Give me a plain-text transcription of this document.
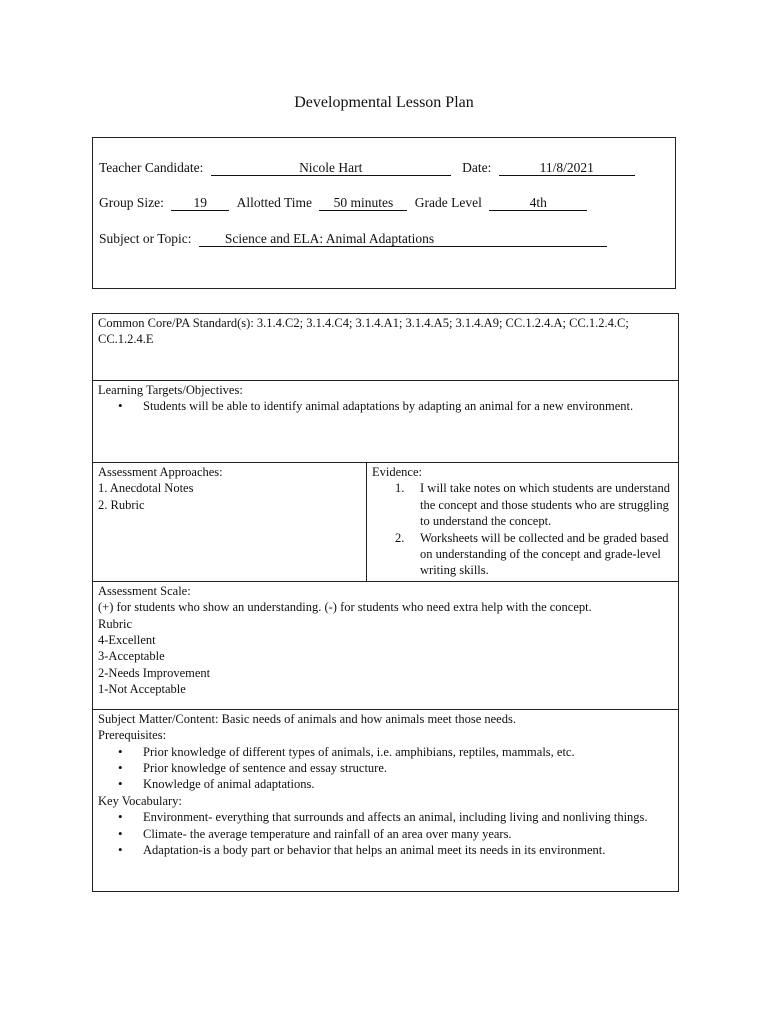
Developmental Lesson Plan
Teacher Candidate:	Nicole Hart	Date:	11/8/2021
Group Size: 19 Allotted Time 50 minutes Grade Level	4th
Subject or Topic: Science and ELA: Animal Adaptations
Common Core/PA Standard(s): 3.1.4.C2; 3.1.4.C4; 3.1.4.A1; 3.1.4.A5; 3.1.4.A9; CC.1.2.4.A; CC.1.2.4.C; CC.1.2.4.E

Learning Targets/Objectives:
• Students will be able to identify animal adaptations by adapting an animal for a new environment.

Assessment Approaches:
1. Anecdotal Notes
2. Rubric

Evidence:
1. I will take notes on which students are understand the concept and those students who are struggling to understand the concept.
2. Worksheets will be collected and be graded based on understanding of the concept and grade-level writing skills.

Assessment Scale:
(+) for students who show an understanding. (-) for students who need extra help with the concept.
Rubric
4-Excellent
3-Acceptable
2-Needs Improvement
1-Not Acceptable

Subject Matter/Content: Basic needs of animals and how animals meet those needs.
Prerequisites:
• Prior knowledge of different types of animals, i.e. amphibians, reptiles, mammals, etc.
• Prior knowledge of sentence and essay structure.
• Knowledge of animal adaptations.
Key Vocabulary:
• Environment- everything that surrounds and affects an animal, including living and nonliving things.
• Climate- the average temperature and rainfall of an area over many years.
• Adaptation-is a body part or behavior that helps an animal meet its needs in its environment.
